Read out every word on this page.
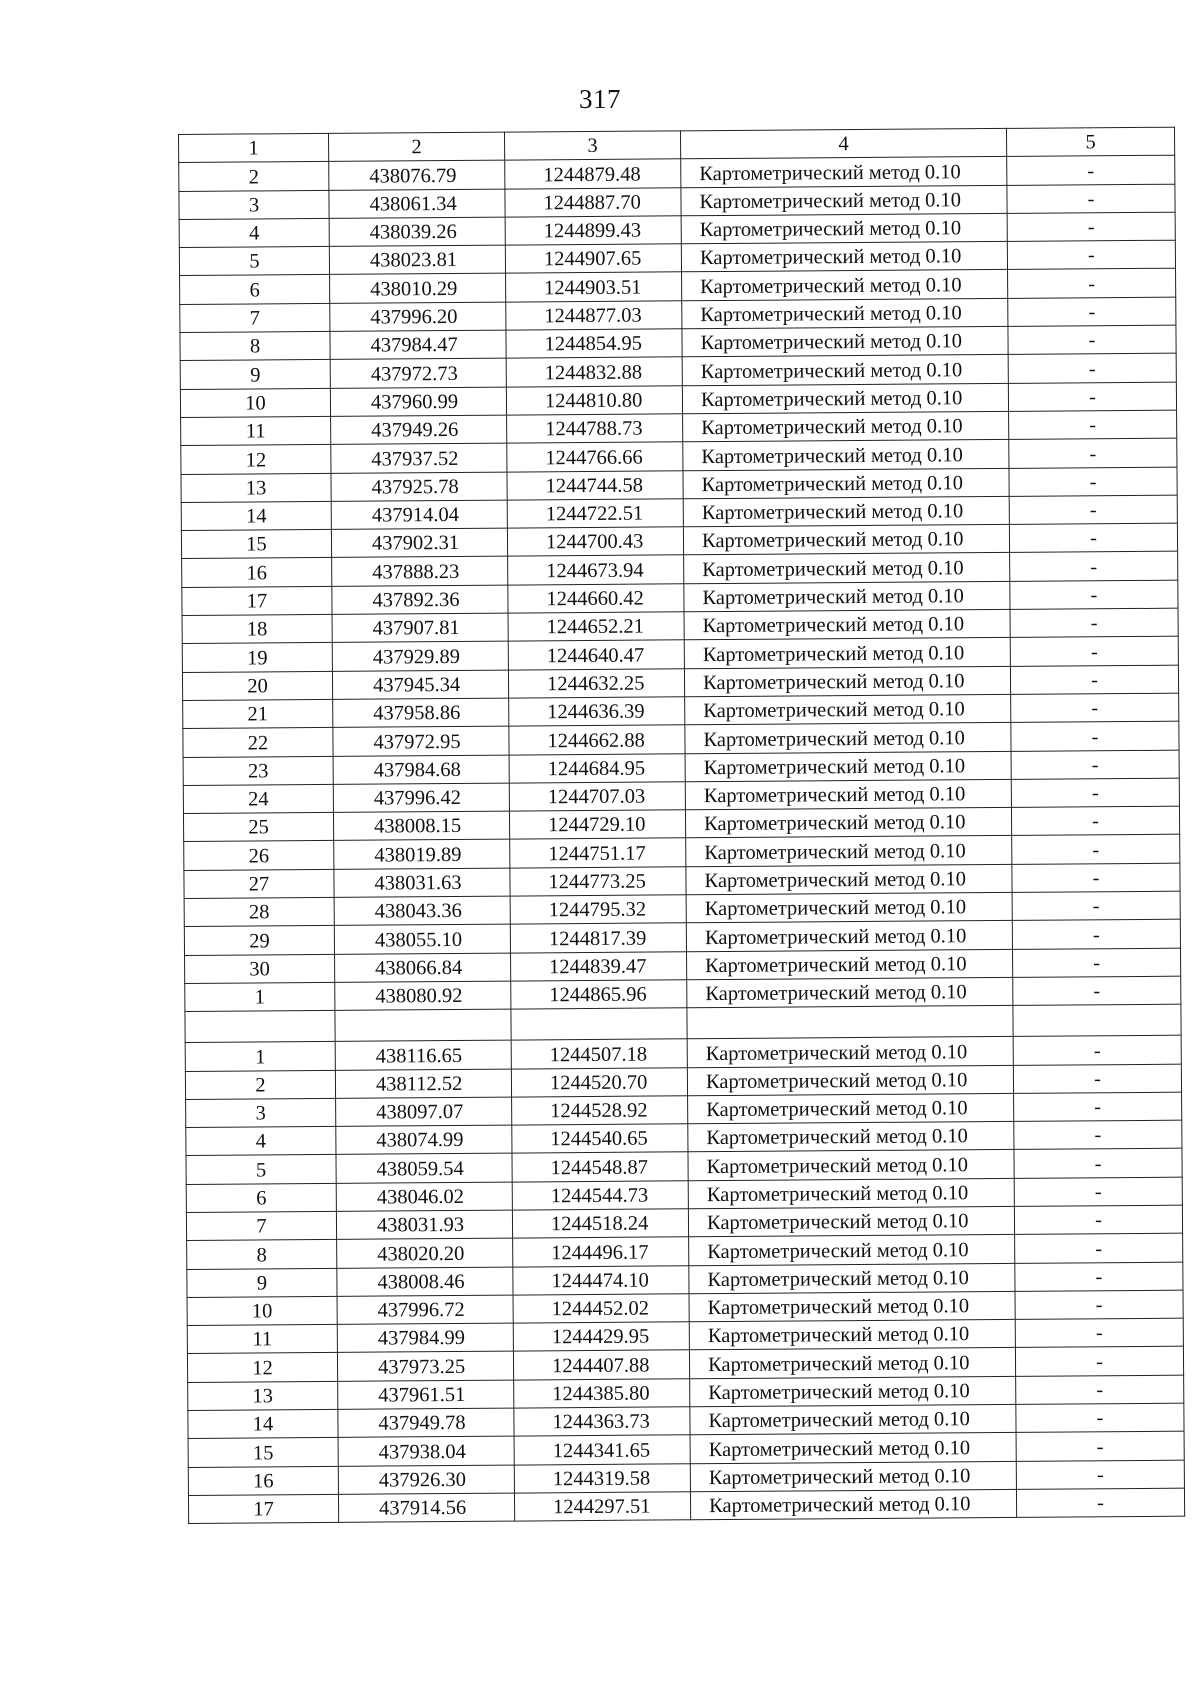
317
1	2	3	4	5
2	438076.79	1244879.48	Картометрический метод 0.10	-
3	438061.34	1244887.70	Картометрический метод 0.10	-
4	438039.26	1244899.43	Картометрический метод 0.10	-
5	438023.81	1244907.65	Картометрический метод 0.10	-
6	438010.29	1244903.51	Картометрический метод 0.10	-
7	437996.20	1244877.03	Картометрический метод 0.10	-
8	437984.47	1244854.95	Картометрический метод 0.10	-
9	437972.73	1244832.88	Картометрический метод 0.10	-
10	437960.99	1244810.80	Картометрический метод 0.10	-
11	437949.26	1244788.73	Картометрический метод 0.10	-
12	437937.52	1244766.66	Картометрический метод 0.10	-
13	437925.78	1244744.58	Картометрический метод 0.10	-
14	437914.04	1244722.51	Картометрический метод 0.10	-
15	437902.31	1244700.43	Картометрический метод 0.10	-
16	437888.23	1244673.94	Картометрический метод 0.10	-
17	437892.36	1244660.42	Картометрический метод 0.10	-
18	437907.81	1244652.21	Картометрический метод 0.10	-
19	437929.89	1244640.47	Картометрический метод 0.10	-
20	437945.34	1244632.25	Картометрический метод 0.10	-
21	437958.86	1244636.39	Картометрический метод 0.10	-
22	437972.95	1244662.88	Картометрический метод 0.10	-
23	437984.68	1244684.95	Картометрический метод 0.10	-
24	437996.42	1244707.03	Картометрический метод 0.10	-
25	438008.15	1244729.10	Картометрический метод 0.10	-
26	438019.89	1244751.17	Картометрический метод 0.10	-
27	438031.63	1244773.25	Картометрический метод 0.10	-
28	438043.36	1244795.32	Картометрический метод 0.10	-
29	438055.10	1244817.39	Картометрический метод 0.10	-
30	438066.84	1244839.47	Картометрический метод 0.10	-
1	438080.92	1244865.96	Картометрический метод 0.10	-

1	438116.65	1244507.18	Картометрический метод 0.10	-
2	438112.52	1244520.70	Картометрический метод 0.10	-
3	438097.07	1244528.92	Картометрический метод 0.10	-
4	438074.99	1244540.65	Картометрический метод 0.10	-
5	438059.54	1244548.87	Картометрический метод 0.10	-
6	438046.02	1244544.73	Картометрический метод 0.10	-
7	438031.93	1244518.24	Картометрический метод 0.10	-
8	438020.20	1244496.17	Картометрический метод 0.10	-
9	438008.46	1244474.10	Картометрический метод 0.10	-
10	437996.72	1244452.02	Картометрический метод 0.10	-
11	437984.99	1244429.95	Картометрический метод 0.10	-
12	437973.25	1244407.88	Картометрический метод 0.10	-
13	437961.51	1244385.80	Картометрический метод 0.10	-
14	437949.78	1244363.73	Картометрический метод 0.10	-
15	437938.04	1244341.65	Картометрический метод 0.10	-
16	437926.30	1244319.58	Картометрический метод 0.10	-
17	437914.56	1244297.51	Картометрический метод 0.10	-
